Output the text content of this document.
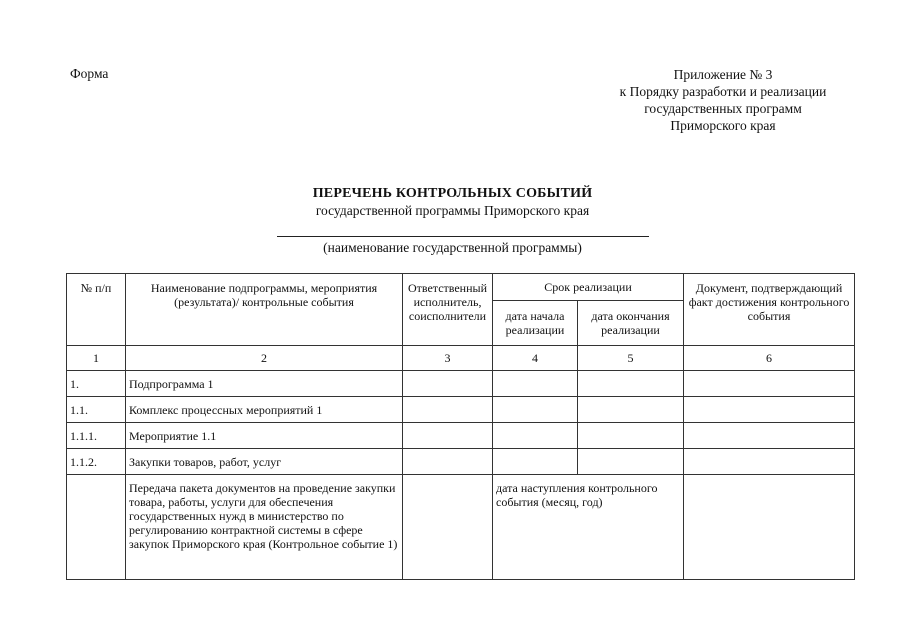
Форма	Приложение № 3
к Порядку разработки и реализации
государственных программ
Приморского края
ПЕРЕЧЕНЬ КОНТРОЛЬНЫХ СОБЫТИЙ
государственной программы Приморского края
(наименование государственной программы)
№ п/п	Наименование подпрограммы, мероприятия (результата)/ контрольные события	Ответственный исполнитель, соисполнители	Срок реализации		Документ, подтверждающий факт достижения контрольного события
			дата начала реализации	дата окончания реализации	
1	2	3	4	5	6
1.	Подпрограмма 1				
1.1.	Комплекс процессных мероприятий 1				
1.1.1.	Мероприятие 1.1				
1.1.2.	Закупки товаров, работ, услуг				
	Передача пакета документов на проведение закупки товара, работы, услуги для обеспечения государственных нужд в министерство по регулированию контрактной системы в сфере закупок Приморского края (Контрольное событие 1)		дата наступления контрольного события (месяц, год)		
